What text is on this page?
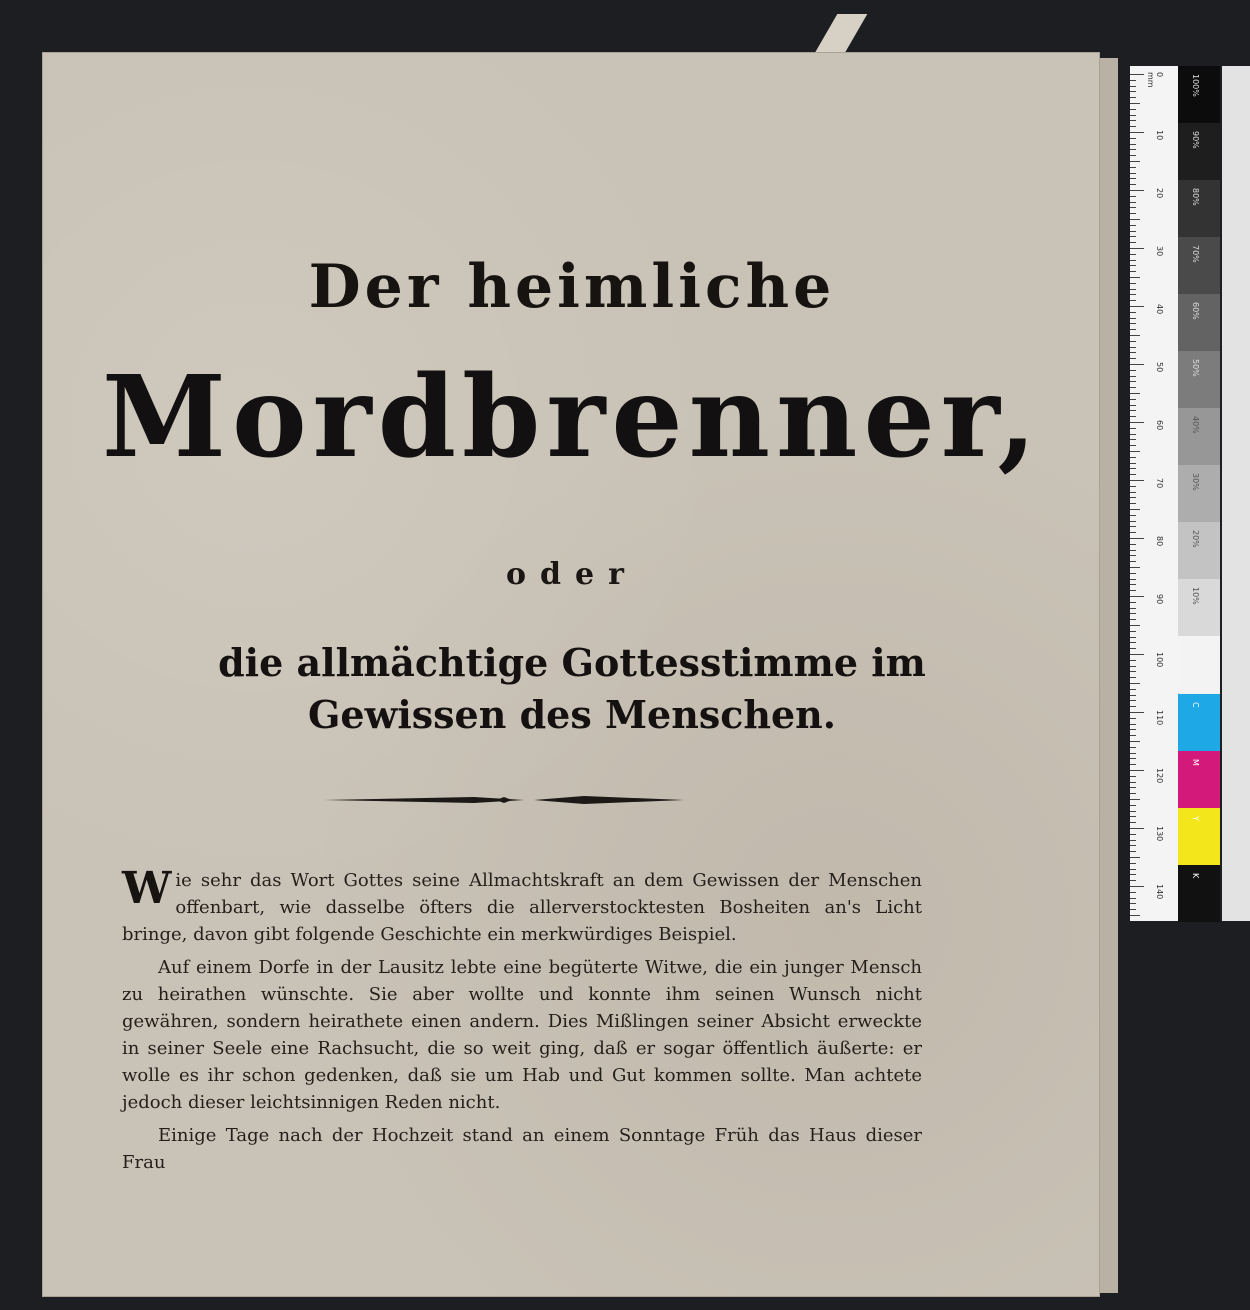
Der heimliche
Mordbrenner,
oder
die allmächtige Gottesstimme im Gewissen des Menschen.

Wie sehr das Wort Gottes seine Allmachtskraft an dem Gewissen der Menschen offenbart, wie dasselbe öfters die allerverstocktesten Bosheiten an's Licht bringe, davon gibt folgende Geschichte ein merkwürdiges Beispiel.

Auf einem Dorfe in der Lausitz lebte eine begüterte Witwe, die ein junger Mensch zu heirathen wünschte. Sie aber wollte und konnte ihm seinen Wunsch nicht gewähren, sondern heirathete einen andern. Dies Mißlingen seiner Absicht erweckte in seiner Seele eine Rachsucht, die so weit ging, daß er sogar öffentlich äußerte: er wolle es ihr schon gedenken, daß sie um Hab und Gut kommen sollte. Man achtete jedoch dieser leichtsinnigen Reden nicht.

Einige Tage nach der Hochzeit stand an einem Sonntage Früh das Haus dieser Frau

0 mm
10
20
30
40
50
60
70
80
90
100
110
120
130
140
100%
90%
80%
70%
60%
50%
40%
30%
20%
10%
C
M
Y
K
